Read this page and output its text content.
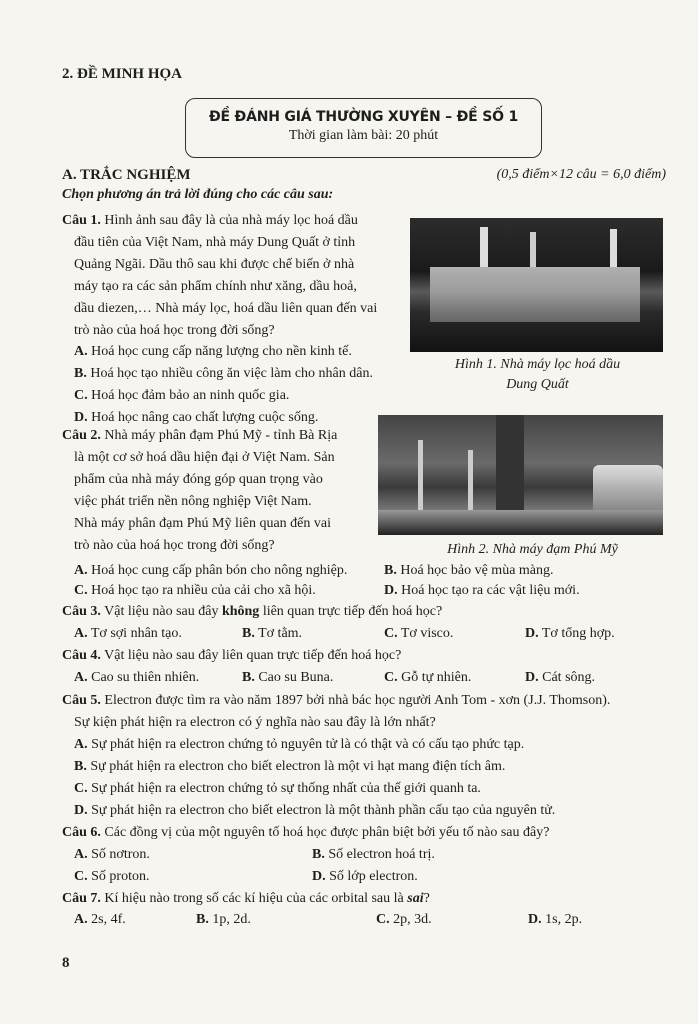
2. ĐỀ MINH HỌA
ĐỀ ĐÁNH GIÁ THƯỜNG XUYÊN – ĐỀ SỐ 1
Thời gian làm bài: 20 phút
A. TRẮC NGHIỆM	(0,5 điểm×12 câu = 6,0 điểm)
Chọn phương án trả lời đúng cho các câu sau:
Câu 1. Hình ảnh sau đây là của nhà máy lọc hoá dầu
đầu tiên của Việt Nam, nhà máy Dung Quất ở tỉnh
Quảng Ngãi. Dầu thô sau khi được chế biến ở nhà
máy tạo ra các sản phẩm chính như xăng, dầu hoả,
dầu diezen,… Nhà máy lọc, hoá dầu liên quan đến vai
trò nào của hoá học trong đời sống?
A. Hoá học cung cấp năng lượng cho nền kinh tế.
B. Hoá học tạo nhiều công ăn việc làm cho nhân dân.
C. Hoá học đảm bảo an ninh quốc gia.
D. Hoá học nâng cao chất lượng cuộc sống.
Hình 1. Nhà máy lọc hoá dầu
Dung Quất
Câu 2. Nhà máy phân đạm Phú Mỹ - tỉnh Bà Rịa
là một cơ sở hoá dầu hiện đại ở Việt Nam. Sản
phẩm của nhà máy đóng góp quan trọng vào
việc phát triển nền nông nghiệp Việt Nam.
Nhà máy phân đạm Phú Mỹ liên quan đến vai
trò nào của hoá học trong đời sống?	Hình 2. Nhà máy đạm Phú Mỹ
A. Hoá học cung cấp phân bón cho nông nghiệp.	B. Hoá học bảo vệ mùa màng.
C. Hoá học tạo ra nhiều của cải cho xã hội.	D. Hoá học tạo ra các vật liệu mới.
Câu 3. Vật liệu nào sau đây không liên quan trực tiếp đến hoá học?
A. Tơ sợi nhân tạo.	B. Tơ tằm.	C. Tơ visco.	D. Tơ tổng hợp.
Câu 4. Vật liệu nào sau đây liên quan trực tiếp đến hoá học?
A. Cao su thiên nhiên.	B. Cao su Buna.	C. Gỗ tự nhiên.	D. Cát sông.
Câu 5. Electron được tìm ra vào năm 1897 bởi nhà bác học người Anh Tom - xơn (J.J. Thomson).
Sự kiện phát hiện ra electron có ý nghĩa nào sau đây là lớn nhất?
A. Sự phát hiện ra electron chứng tỏ nguyên tử là có thật và có cấu tạo phức tạp.
B. Sự phát hiện ra electron cho biết electron là một vi hạt mang điện tích âm.
C. Sự phát hiện ra electron chứng tỏ sự thống nhất của thế giới quanh ta.
D. Sự phát hiện ra electron cho biết electron là một thành phần cấu tạo của nguyên tử.
Câu 6. Các đồng vị của một nguyên tố hoá học được phân biệt bởi yếu tố nào sau đây?
A. Số nơtron.	B. Số electron hoá trị.
C. Số proton.	D. Số lớp electron.
Câu 7. Kí hiệu nào trong số các kí hiệu của các orbital sau là sai?
A. 2s, 4f.	B. 1p, 2d.	C. 2p, 3d.	D. 1s, 2p.
8
